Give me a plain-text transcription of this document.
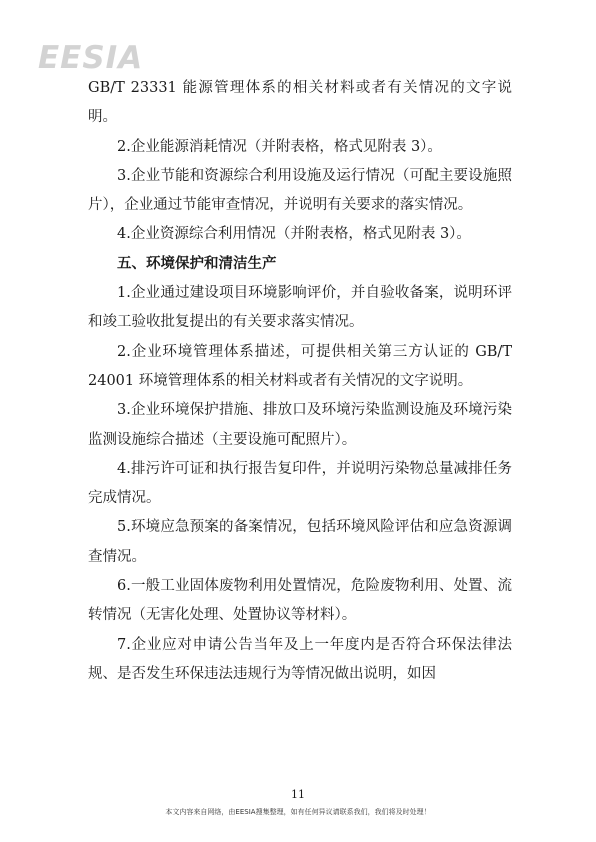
EESIA

GB/T 23331 能源管理体系的相关材料或者有关情况的文字说明。

2.企业能源消耗情况（并附表格，格式见附表 3）。

3.企业节能和资源综合利用设施及运行情况（可配主要设施照片），企业通过节能审查情况，并说明有关要求的落实情况。

4.企业资源综合利用情况（并附表格，格式见附表 3）。

五、环境保护和清洁生产

1.企业通过建设项目环境影响评价，并自验收备案，说明环评和竣工验收批复提出的有关要求落实情况。

2.企业环境管理体系描述，可提供相关第三方认证的 GB/T 24001 环境管理体系的相关材料或者有关情况的文字说明。

3.企业环境保护措施、排放口及环境污染监测设施及环境污染监测设施综合描述（主要设施可配照片）。

4.排污许可证和执行报告复印件，并说明污染物总量减排任务完成情况。

5.环境应急预案的备案情况，包括环境风险评估和应急资源调查情况。

6.一般工业固体废物利用处置情况，危险废物利用、处置、流转情况（无害化处理、处置协议等材料）。

7.企业应对申请公告当年及上一年度内是否符合环保法律法规、是否发生环保违法违规行为等情况做出说明，如因

11
本文内容来自网络，由EESIA搜集整理，如有任何异议请联系我们，我们将及时处理！
